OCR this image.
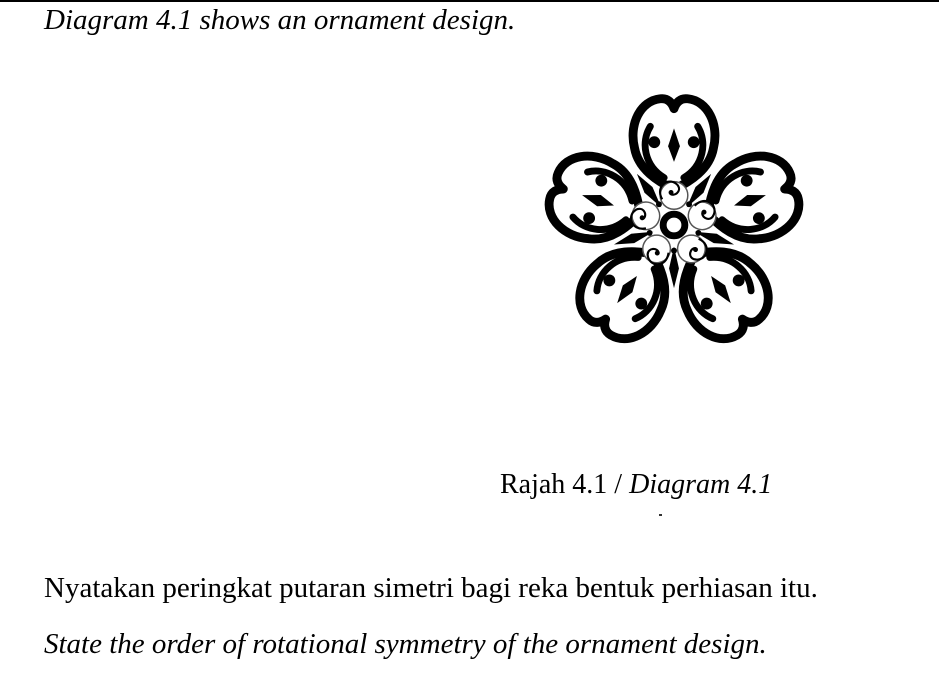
Diagram 4.1 shows an ornament design.
Rajah 4.1 / Diagram 4.1
Nyatakan peringkat putaran simetri bagi reka bentuk perhiasan itu.
State the order of rotational symmetry of the ornament design.
